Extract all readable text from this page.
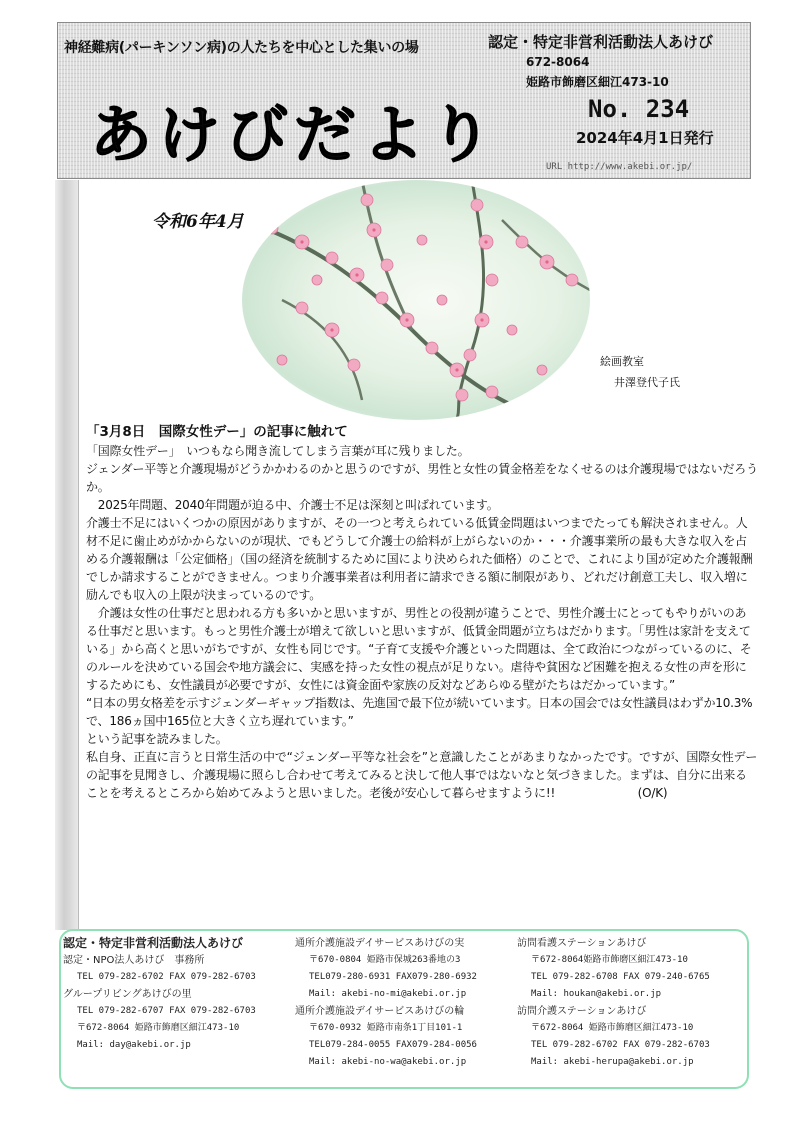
神経難病(パーキンソン病)の人たちを中心とした集いの場	認定・特定非営利活動法人あけび
672-8064
姫路市飾磨区細江473-10
あけびだより	No. 234
2024年4月1日発行
URL http://www.akebi.or.jp/
令和6年4月
絵画教室
井澤登代子氏
「3月8日　国際女性デー」の記事に触れて

「国際女性デー」　いつもなら聞き流してしまう言葉が耳に残りました。

ジェンダー平等と介護現場がどうかかわるのかと思うのですが、男性と女性の賃金格差をなくせるのは介護現場ではないだろうか。

　2025年問題、2040年問題が迫る中、介護士不足は深刻と叫ばれています。

介護士不足にはいくつかの原因がありますが、その一つと考えられている低賃金問題はいつまでたっても解決されません。人材不足に歯止めがかからないのが現状、でもどうして介護士の給料が上がらないのか・・・介護事業所の最も大きな収入を占める介護報酬は「公定価格」（国の経済を統制するために国により決められた価格）のことで、これにより国が定めた介護報酬でしか請求することができません。つまり介護事業者は利用者に請求できる額に制限があり、どれだけ創意工夫し、収入増に励んでも収入の上限が決まっているのです。

　介護は女性の仕事だと思われる方も多いかと思いますが、男性との役割が違うことで、男性介護士にとってもやりがいのある仕事だと思います。もっと男性介護士が増えて欲しいと思いますが、低賃金問題が立ちはだかります。「男性は家計を支えている」から高くと思いがちですが、女性も同じです。“子育て支援や介護といった問題は、全て政治につながっているのに、そのルールを決めている国会や地方議会に、実感を持った女性の視点が足りない。虐待や貧困など困難を抱える女性の声を形にするためにも、女性議員が必要ですが、女性には資金面や家族の反対などあらゆる壁がたちはだかっています。”

“日本の男女格差を示すジェンダーギャップ指数は、先進国で最下位が続いています。日本の国会では女性議員はわずか10.3%で、186ヵ国中165位と大きく立ち遅れています。”

という記事を読みました。

私自身、正直に言うと日常生活の中で“ジェンダー平等な社会を”と意識したことがあまりなかったです。ですが、国際女性デーの記事を見聞きし、介護現場に照らし合わせて考えてみると決して他人事ではないなと気づきました。まずは、自分に出来ることを考えるところから始めてみようと思いました。老後が安心して暮らせますように!!　　　　　　　(O/K)

認定・特定非営利活動法人あけび
認定・NPO法人あけび　事務所
TEL 079-282-6702 FAX 079-282-6703
グループリビングあけびの里
TEL 079-282-6707 FAX 079-282-6703
〒672-8064 姫路市飾磨区細江473-10
Mail: day@akebi.or.jp
通所介護施設デイサービスあけびの実
〒670-0804 姫路市保城263番地の3
TEL079-280-6931 FAX079-280-6932
Mail: akebi-no-mi@akebi.or.jp
通所介護施設デイサービスあけびの輪
〒670-0932 姫路市南条1丁目101-1
TEL079-284-0055 FAX079-284-0056
Mail: akebi-no-wa@akebi.or.jp
訪問看護ステーションあけび
〒672-8064姫路市飾磨区細江473-10
TEL 079-282-6708 FAX 079-240-6765
Mail: houkan@akebi.or.jp
訪問介護ステーションあけび
〒672-8064 姫路市飾磨区細江473-10
TEL 079-282-6702 FAX 079-282-6703
Mail: akebi-herupa@akebi.or.jp
